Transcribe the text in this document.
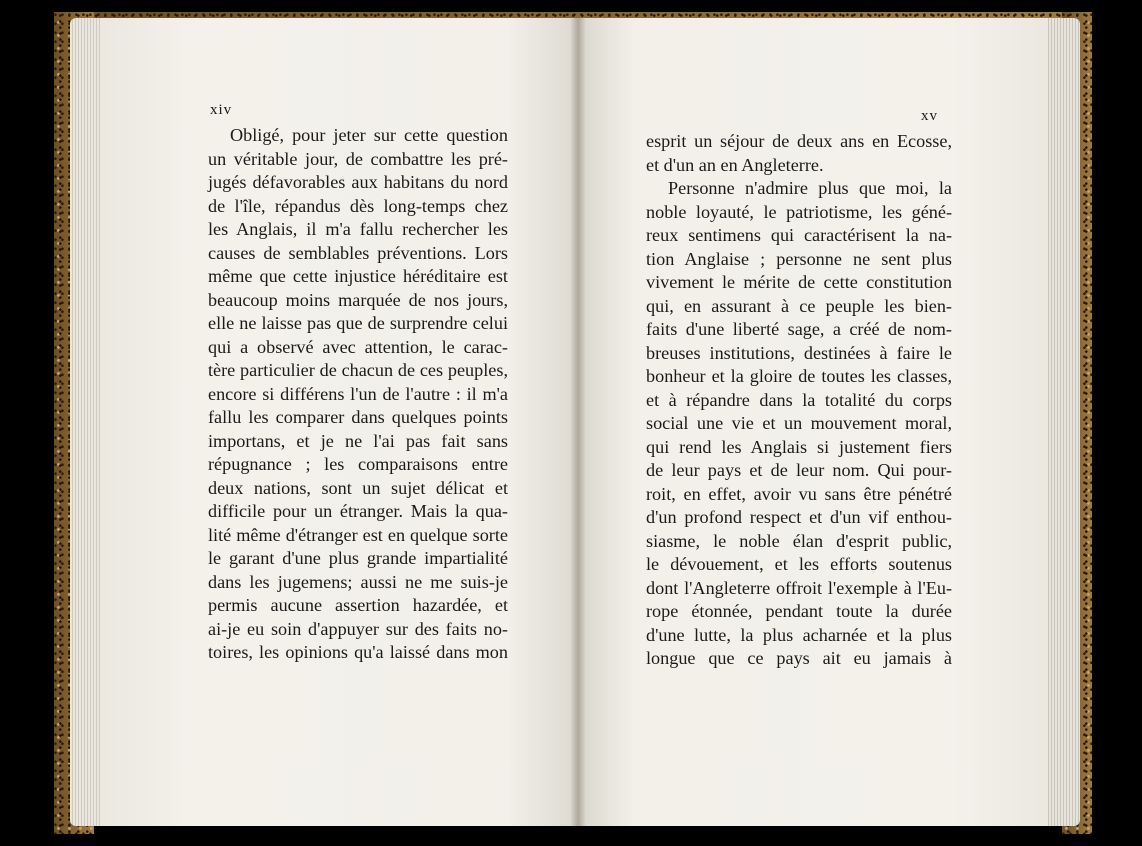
xiv
Obligé, pour jeter sur cette question
un véritable jour, de combattre les pré-
jugés défavorables aux habitans du nord
de l'île, répandus dès long-temps chez
les Anglais, il m'a fallu rechercher les
causes de semblables préventions. Lors
même que cette injustice héréditaire est
beaucoup moins marquée de nos jours,
elle ne laisse pas que de surprendre celui
qui a observé avec attention, le carac-
tère particulier de chacun de ces peuples,
encore si différens l'un de l'autre : il m'a
fallu les comparer dans quelques points
importans, et je ne l'ai pas fait sans
répugnance ; les comparaisons entre
deux nations, sont un sujet délicat et
difficile pour un étranger. Mais la qua-
lité même d'étranger est en quelque sorte
le garant d'une plus grande impartialité
dans les jugemens; aussi ne me suis-je
permis aucune assertion hazardée, et
ai-je eu soin d'appuyer sur des faits no-
toires, les opinions qu'a laissé dans mon
xv
esprit un séjour de deux ans en Ecosse,
et d'un an en Angleterre.
Personne n'admire plus que moi, la
noble loyauté, le patriotisme, les géné-
reux sentimens qui caractérisent la na-
tion Anglaise ; personne ne sent plus
vivement le mérite de cette constitution
qui, en assurant à ce peuple les bien-
faits d'une liberté sage, a créé de nom-
breuses institutions, destinées à faire le
bonheur et la gloire de toutes les classes,
et à répandre dans la totalité du corps
social une vie et un mouvement moral,
qui rend les Anglais si justement fiers
de leur pays et de leur nom. Qui pour-
roit, en effet, avoir vu sans être pénétré
d'un profond respect et d'un vif enthou-
siasme, le noble élan d'esprit public,
le dévouement, et les efforts soutenus
dont l'Angleterre offroit l'exemple à l'Eu-
rope étonnée, pendant toute la durée
d'une lutte, la plus acharnée et la plus
longue que ce pays ait eu jamais à
